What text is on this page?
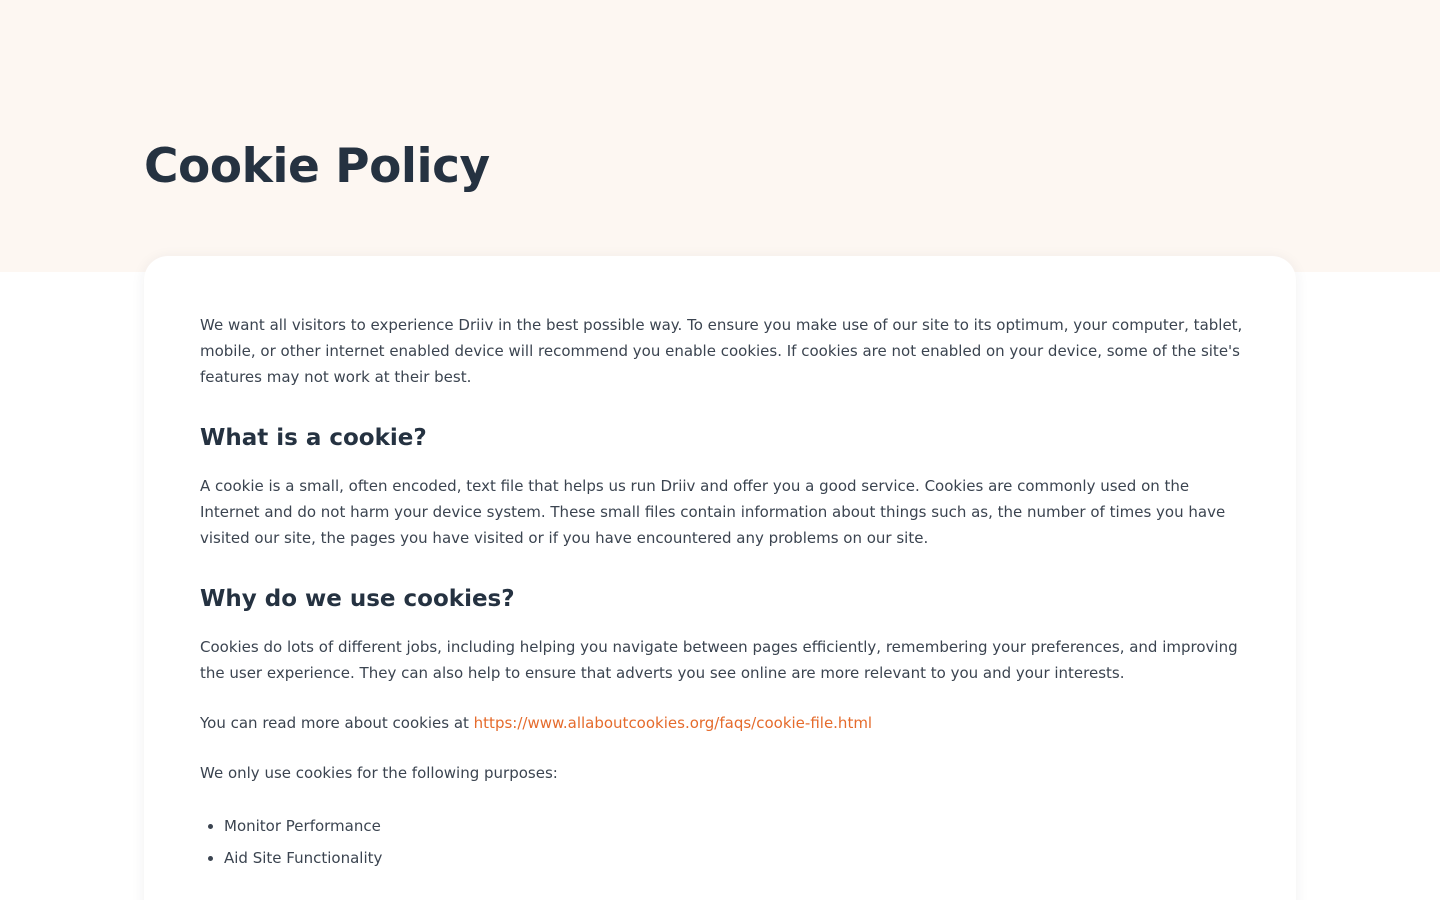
Cookie Policy

We want all visitors to experience Driiv in the best possible way. To ensure you make use of our site to its optimum, your computer, tablet, mobile, or other internet enabled device will recommend you enable cookies. If cookies are not enabled on your device, some of the site's features may not work at their best.

What is a cookie?

A cookie is a small, often encoded, text file that helps us run Driiv and offer you a good service. Cookies are commonly used on the Internet and do not harm your device system. These small files contain information about things such as, the number of times you have visited our site, the pages you have visited or if you have encountered any problems on our site.

Why do we use cookies?

Cookies do lots of different jobs, including helping you navigate between pages efficiently, remembering your preferences, and improving the user experience. They can also help to ensure that adverts you see online are more relevant to you and your interests.

You can read more about cookies at https://www.allaboutcookies.org/faqs/cookie-file.html

We only use cookies for the following purposes:

• Monitor Performance
• Aid Site Functionality
